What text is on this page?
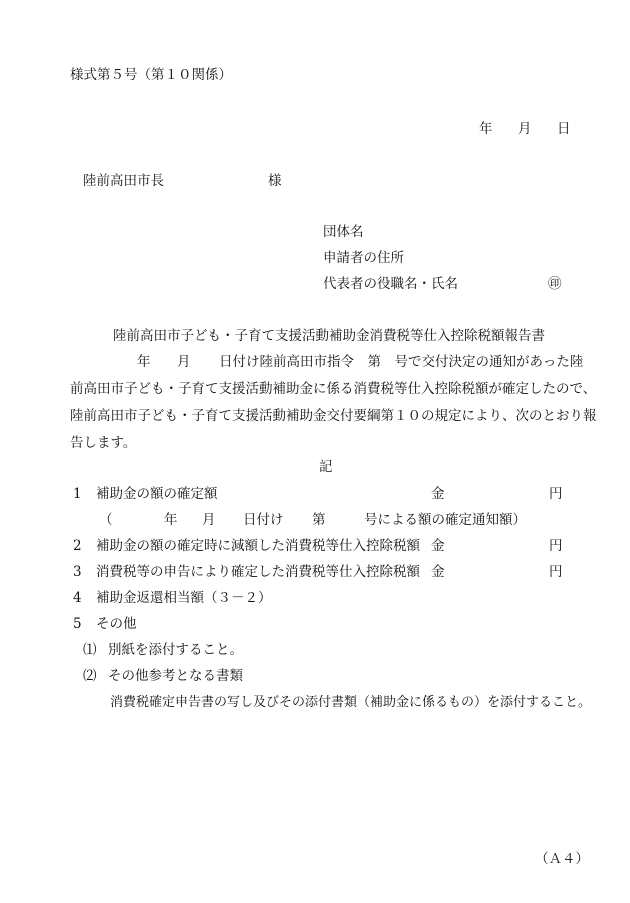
様式第５号（第１０関係）
年 月 日
陸前高田市長	様
団体名
申請者の住所
代表者の役職名・氏名	㊞
陸前高田市子ども・子育て支援活動補助金消費税等仕入控除税額報告書
年 月 日付け陸前高田市指令　第　号で交付決定の通知があった陸
前高田市子ども・子育て支援活動補助金に係る消費税等仕入控除税額が確定したので、
陸前高田市子ども・子育て支援活動補助金交付要綱第１０の規定により、次のとおり報
告します。
記
1 補助金の額の確定額	金	円
（	年 月 日付け 第	号による額の確定通知額）
2 補助金の額の確定時に減額した消費税等仕入控除税額 金	円
3 消費税等の申告により確定した消費税等仕入控除税額 金	円
4 補助金返還相当額（３－２）
5 その他
⑴ 別紙を添付すること。
⑵ その他参考となる書類
消費税確定申告書の写し及びその添付書類（補助金に係るもの）を添付すること。
（Ａ４）
